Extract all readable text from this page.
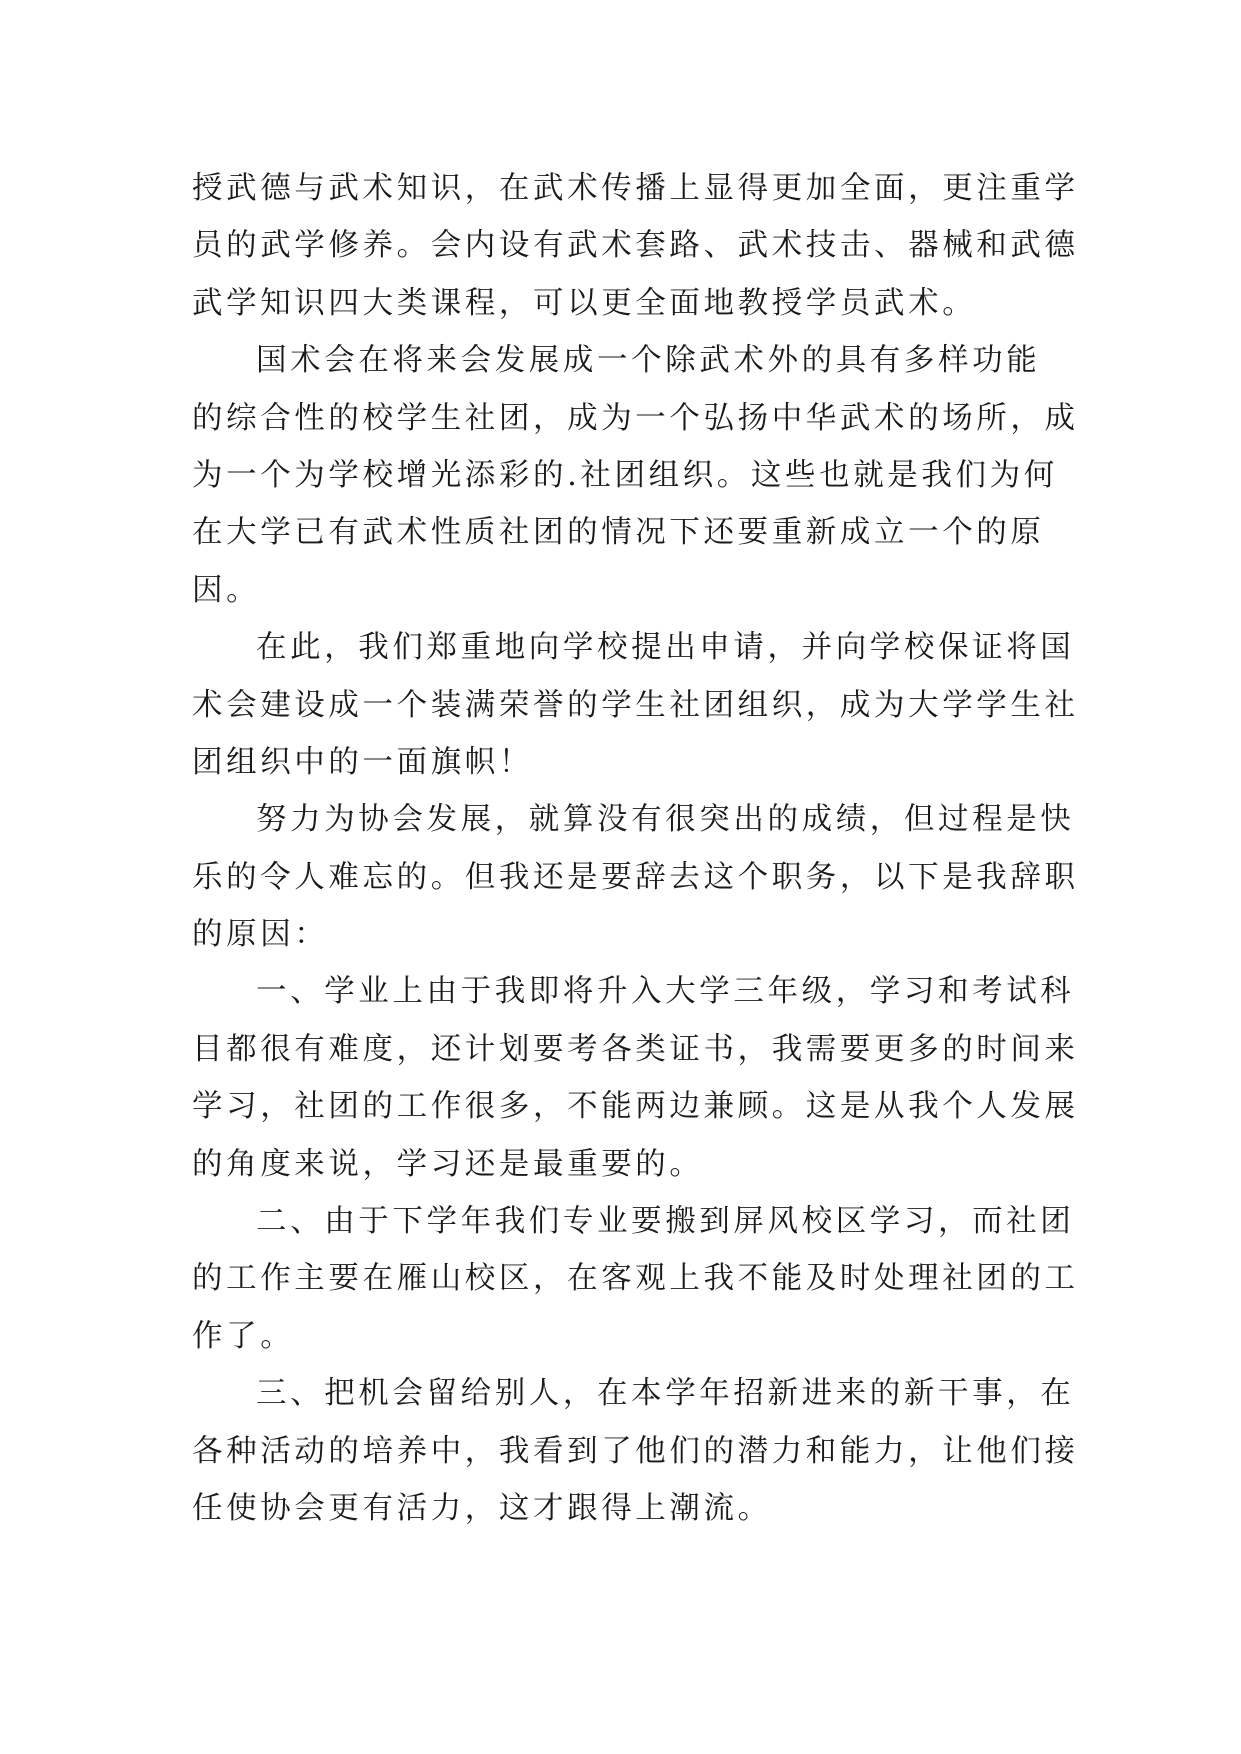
授武德与武术知识，在武术传播上显得更加全面，更注重学
员的武学修养。会内设有武术套路、武术技击、器械和武德
武学知识四大类课程，可以更全面地教授学员武术。
国术会在将来会发展成一个除武术外的具有多样功能
的综合性的校学生社团，成为一个弘扬中华武术的场所，成
为一个为学校增光添彩的.社团组织。这些也就是我们为何
在大学已有武术性质社团的情况下还要重新成立一个的原
因。
在此，我们郑重地向学校提出申请，并向学校保证将国
术会建设成一个装满荣誉的学生社团组织，成为大学学生社
团组织中的一面旗帜！
努力为协会发展，就算没有很突出的成绩，但过程是快
乐的令人难忘的。但我还是要辞去这个职务，以下是我辞职
的原因：
一、学业上由于我即将升入大学三年级，学习和考试科
目都很有难度，还计划要考各类证书，我需要更多的时间来
学习，社团的工作很多，不能两边兼顾。这是从我个人发展
的角度来说，学习还是最重要的。
二、由于下学年我们专业要搬到屏风校区学习，而社团
的工作主要在雁山校区，在客观上我不能及时处理社团的工
作了。
三、把机会留给别人，在本学年招新进来的新干事，在
各种活动的培养中，我看到了他们的潜力和能力，让他们接
任使协会更有活力，这才跟得上潮流。
